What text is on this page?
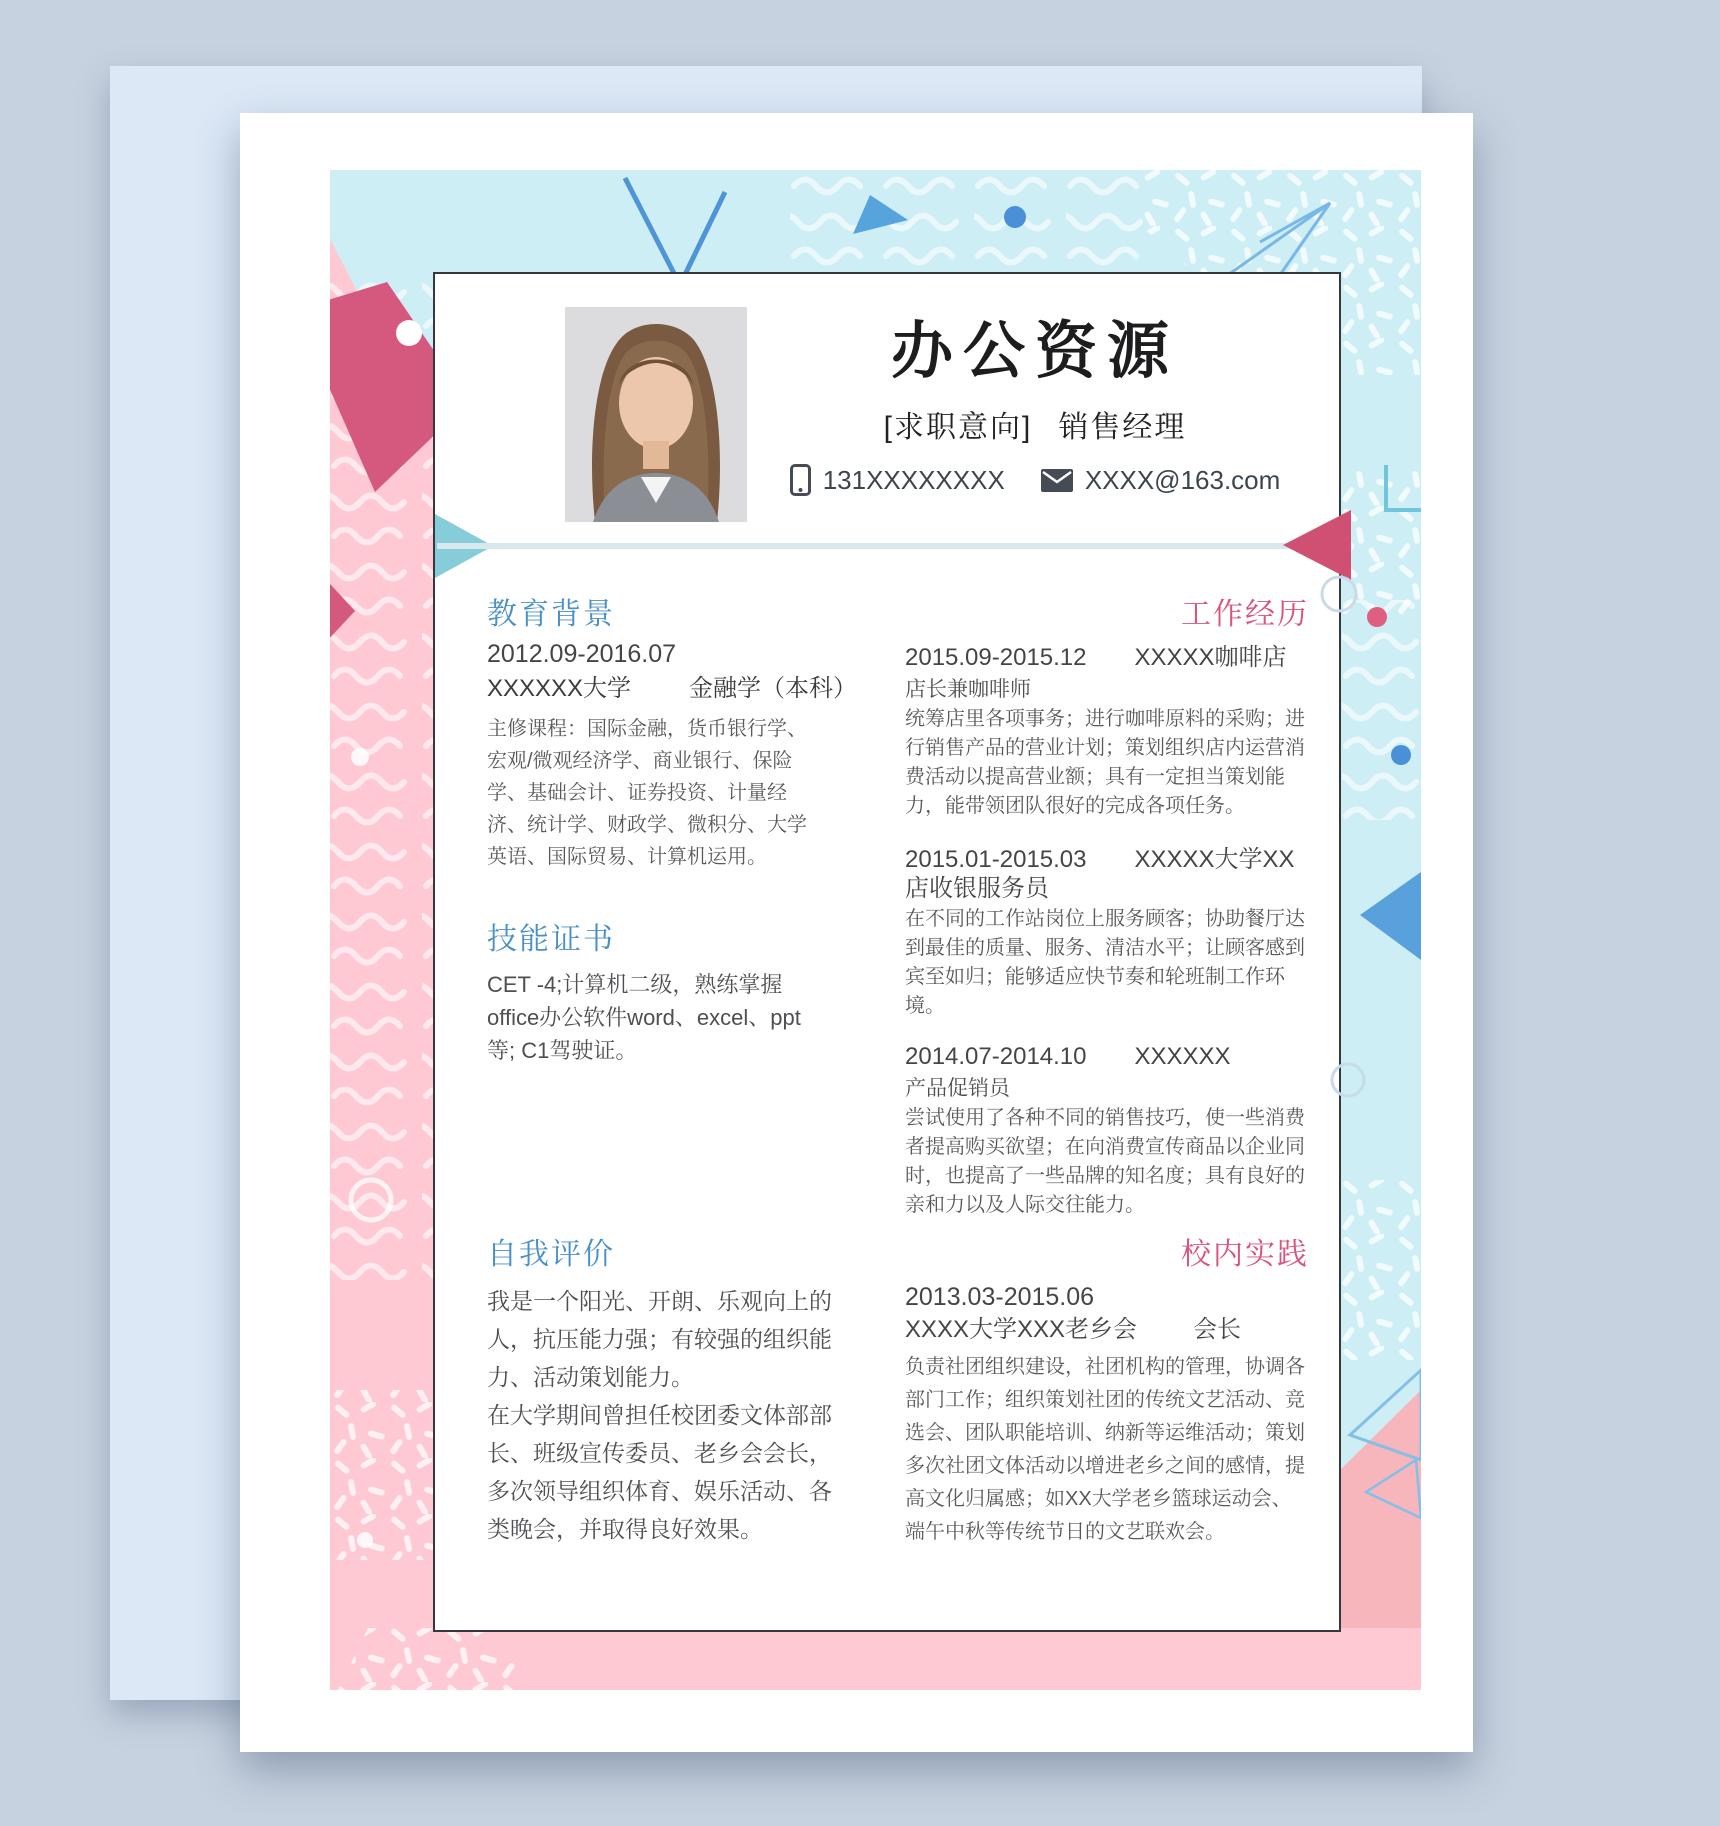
办公资源
[求职意向] 销售经理
131XXXXXXXX	XXXX@163.com
教育背景
2012.09-2016.07
XXXXXX大学 金融学（本科）
主修课程：国际金融，货币银行学、宏观/微观经济学、商业银行、保险学、基础会计、证券投资、计量经济、统计学、财政学、微积分、大学英语、国际贸易、计算机运用。
技能证书
CET -4;计算机二级，熟练掌握office办公软件word、excel、ppt等; C1驾驶证。
自我评价

我是一个阳光、开朗、乐观向上的人，抗压能力强；有较强的组织能力、活动策划能力。

在大学期间曾担任校团委文体部部长、班级宣传委员、老乡会会长，多次领导组织体育、娱乐活动、各类晚会，并取得良好效果。

工作经历
2015.09-2015.12 XXXXX咖啡店
店长兼咖啡师
统筹店里各项事务；进行咖啡原料的采购；进行销售产品的营业计划；策划组织店内运营消费活动以提高营业额；具有一定担当策划能力，能带领团队很好的完成各项任务。
2015.01-2015.03 XXXXX大学XX店收银服务员
在不同的工作站岗位上服务顾客；协助餐厅达到最佳的质量、服务、清洁水平；让顾客感到宾至如归；能够适应快节奏和轮班制工作环境。
2014.07-2014.10 XXXXXX
产品促销员
尝试使用了各种不同的销售技巧，使一些消费者提高购买欲望；在向消费宣传商品以企业同时，也提高了一些品牌的知名度；具有良好的亲和力以及人际交往能力。
校内实践
2013.03-2015.06
XXXX大学XXX老乡会 会长
负责社团组织建设，社团机构的管理，协调各部门工作；组织策划社团的传统文艺活动、竞选会、团队职能培训、纳新等运维活动；策划多次社团文体活动以增进老乡之间的感情，提高文化归属感；如XX大学老乡篮球运动会、端午中秋等传统节日的文艺联欢会。
